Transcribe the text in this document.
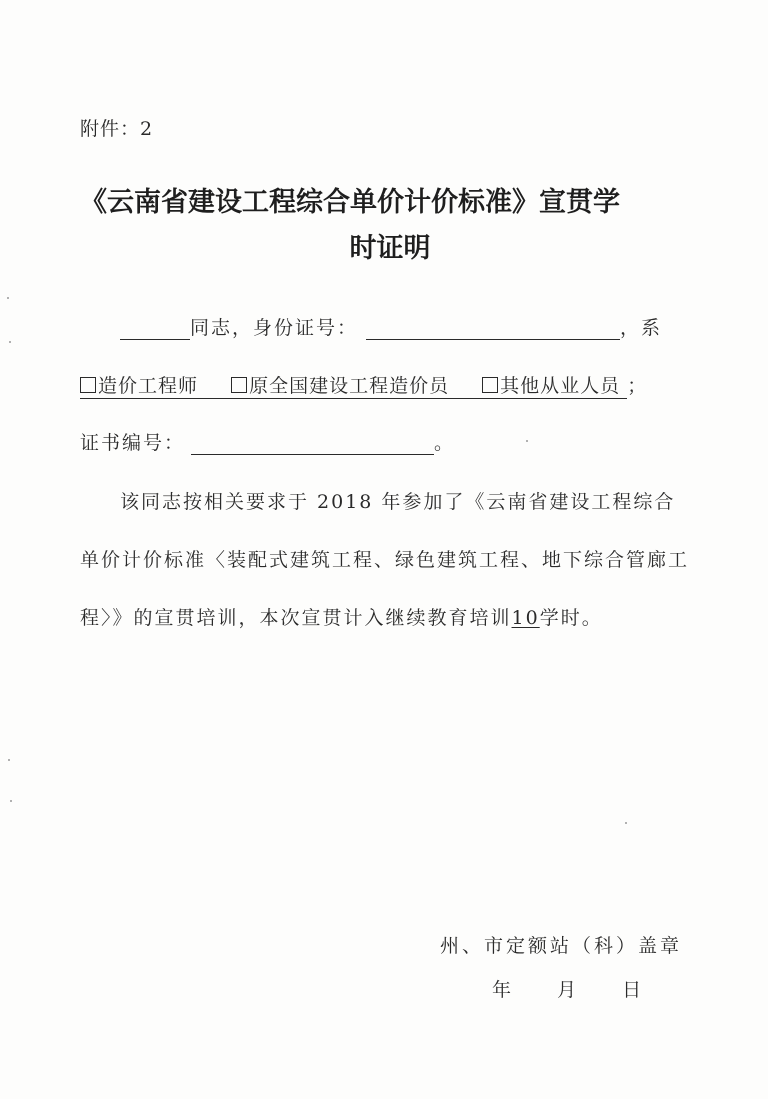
附件：2
《云南省建设工程综合单价计价标准》宣贯学
时证明
同志，身份证号：	，系
造价工程师	原全国建设工程造价员	其他从业人员 ；
证书编号：	。
该同志按相关要求于 2018 年参加了《云南省建设工程综合
单价计价标准〈装配式建筑工程、绿色建筑工程、地下综合管廊工
程〉》的宣贯培训，本次宣贯计入继续教育培训10学时。
州、市定额站（科）盖章
年 月 日
